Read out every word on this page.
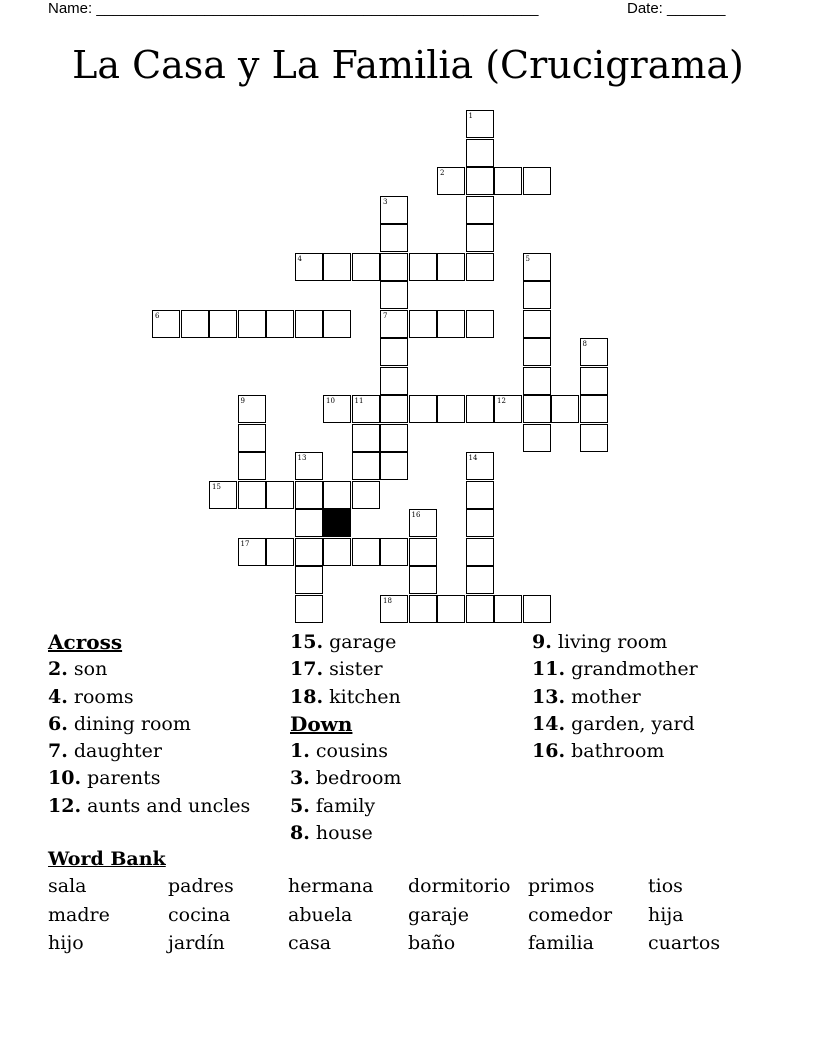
Name: _____________________________________________________	Date: _______
La Casa y La Familia (Crucigrama)
1
2
3
7
4	5
6
8
9	10	11	12
13	14
15
16
17
18
Across
2. son
4. rooms
6. dining room
7. daughter
10. parents
12. aunts and uncles
15. garage
17. sister
18. kitchen
Down
1. cousins
3. bedroom
5. family
8. house
9. living room
11. grandmother
13. mother
14. garden, yard
16. bathroom
Word Bank
sala	padres	hermana	dormitorio primos	tios
madre	cocina	abuela	garaje	comedor	hija
hijo	jardín	casa	baño	familia	cuartos
